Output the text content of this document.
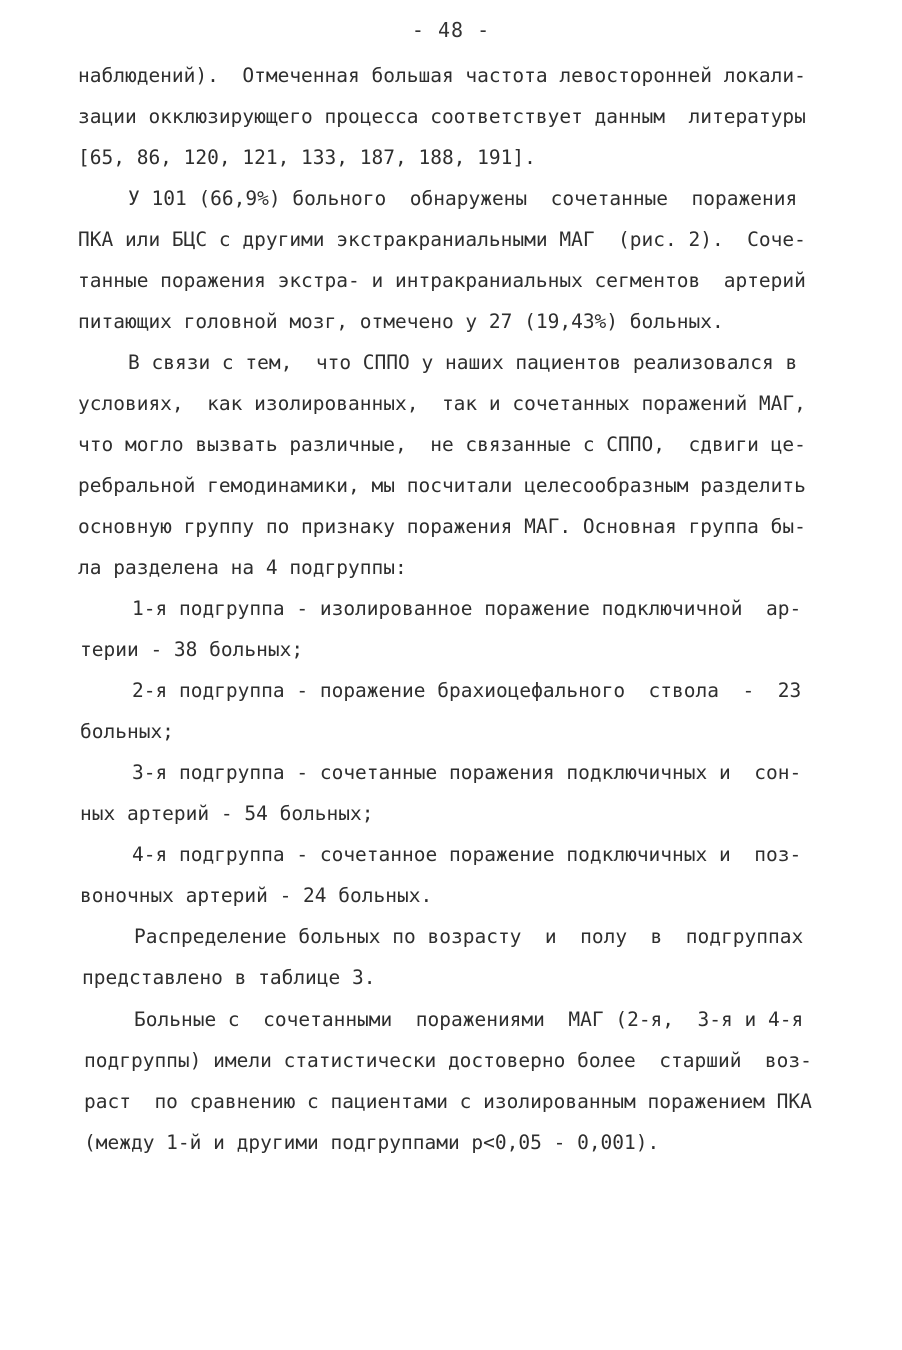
- 48 -
наблюдений).  Отмеченная большая частота левосторонней локали-
зации окклюзирующего процесса соответствует данным  литературы
[65, 86, 120, 121, 133, 187, 188, 191].
У 101 (66,9%) больного  обнаружены  сочетанные  поражения
ПКА или БЦС с другими экстракраниальными МАГ  (рис. 2).  Соче-
танные поражения экстра- и интракраниальных сегментов  артерий
питающих головной мозг, отмечено у 27 (19,43%) больных.
В связи с тем,  что СППО у наших пациентов реализовался в
условиях,  как изолированных,  так и сочетанных поражений МАГ,
что могло вызвать различные,  не связанные с СППО,  сдвиги це-
ребральной гемодинамики, мы посчитали целесообразным разделить
основную группу по признаку поражения МАГ. Основная группа бы-
ла разделена на 4 подгруппы:
1-я подгруппа - изолированное поражение подключичной  ар-
терии - 38 больных;
2-я подгруппа - поражение брахиоцефального  ствола  -  23
больных;
3-я подгруппа - сочетанные поражения подключичных и  сон-
ных артерий - 54 больных;
4-я подгруппа - сочетанное поражение подключичных и  поз-
воночных артерий - 24 больных.
Распределение больных по возрасту  и  полу  в  подгруппах
представлено в таблице 3.
Больные с  сочетанными  поражениями  МАГ (2-я,  3-я и 4-я
подгруппы) имели статистически достоверно более  старший  воз-
раст  по сравнению с пациентами с изолированным поражением ПКА
(между 1-й и другими подгруппами p<0,05 - 0,001).
